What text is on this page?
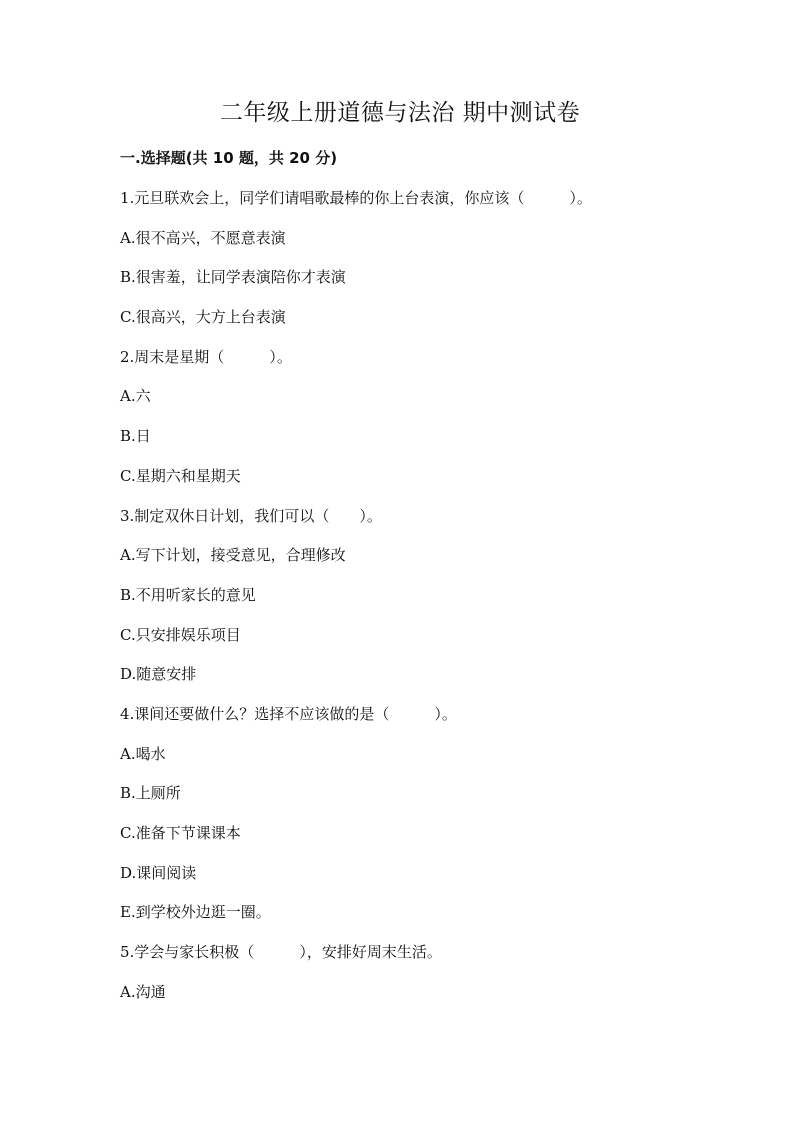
二年级上册道德与法治 期中测试卷
一.选择题(共 10 题，共 20 分)
1.元旦联欢会上，同学们请唱歌最棒的你上台表演，你应该（　　　）。
A.很不高兴，不愿意表演
B.很害羞，让同学表演陪你才表演
C.很高兴，大方上台表演
2.周末是星期（　　　）。
A.六
B.日
C.星期六和星期天
3.制定双休日计划，我们可以（　　）。
A.写下计划，接受意见，合理修改
B.不用听家长的意见
C.只安排娱乐项目
D.随意安排
4.课间还要做什么？选择不应该做的是（　　　）。
A.喝水
B.上厕所
C.准备下节课课本
D.课间阅读
E.到学校外边逛一圈。
5.学会与家长积极（　　　），安排好周末生活。
A.沟通
